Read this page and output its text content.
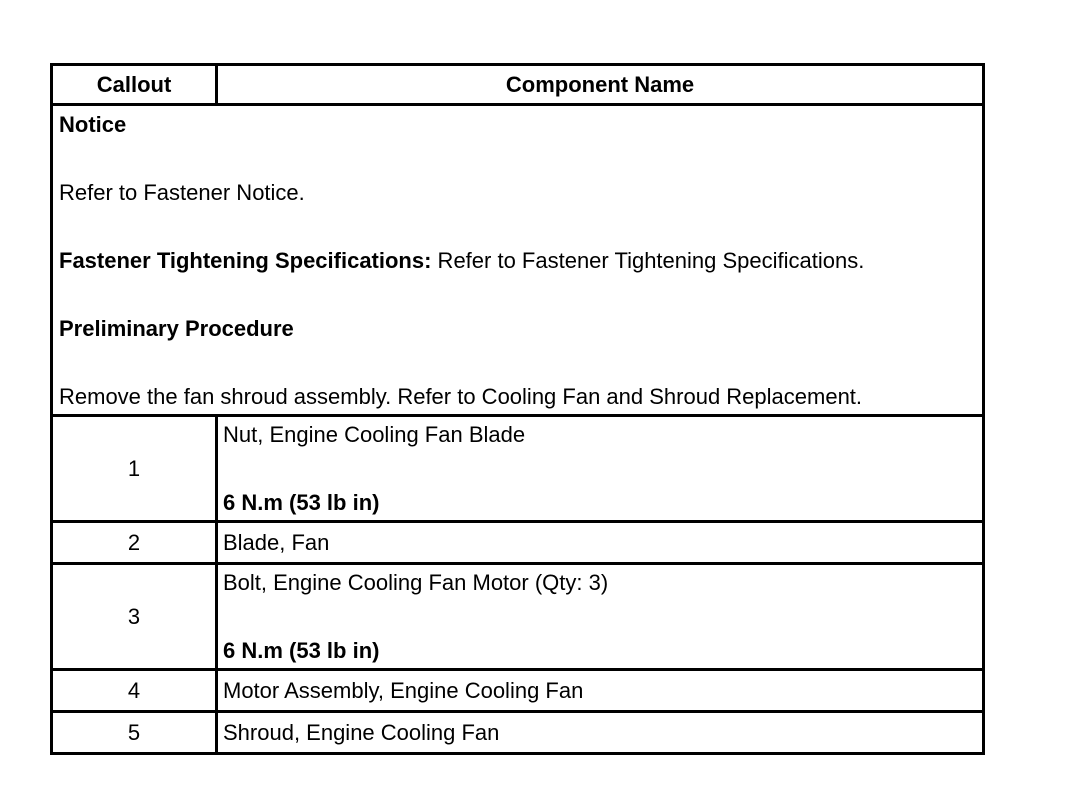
Callout	Component Name

Notice

Refer to Fastener Notice.

Fastener Tightening Specifications: Refer to Fastener Tightening Specifications.

Preliminary Procedure

Remove the fan shroud assembly. Refer to Cooling Fan and Shroud Replacement.	

1	Nut, Engine Cooling Fan Blade

6 N.m (53 lb in)

2	Blade, Fan
3	Bolt, Engine Cooling Fan Motor (Qty: 3)

6 N.m (53 lb in)

4	Motor Assembly, Engine Cooling Fan
5	Shroud, Engine Cooling Fan
